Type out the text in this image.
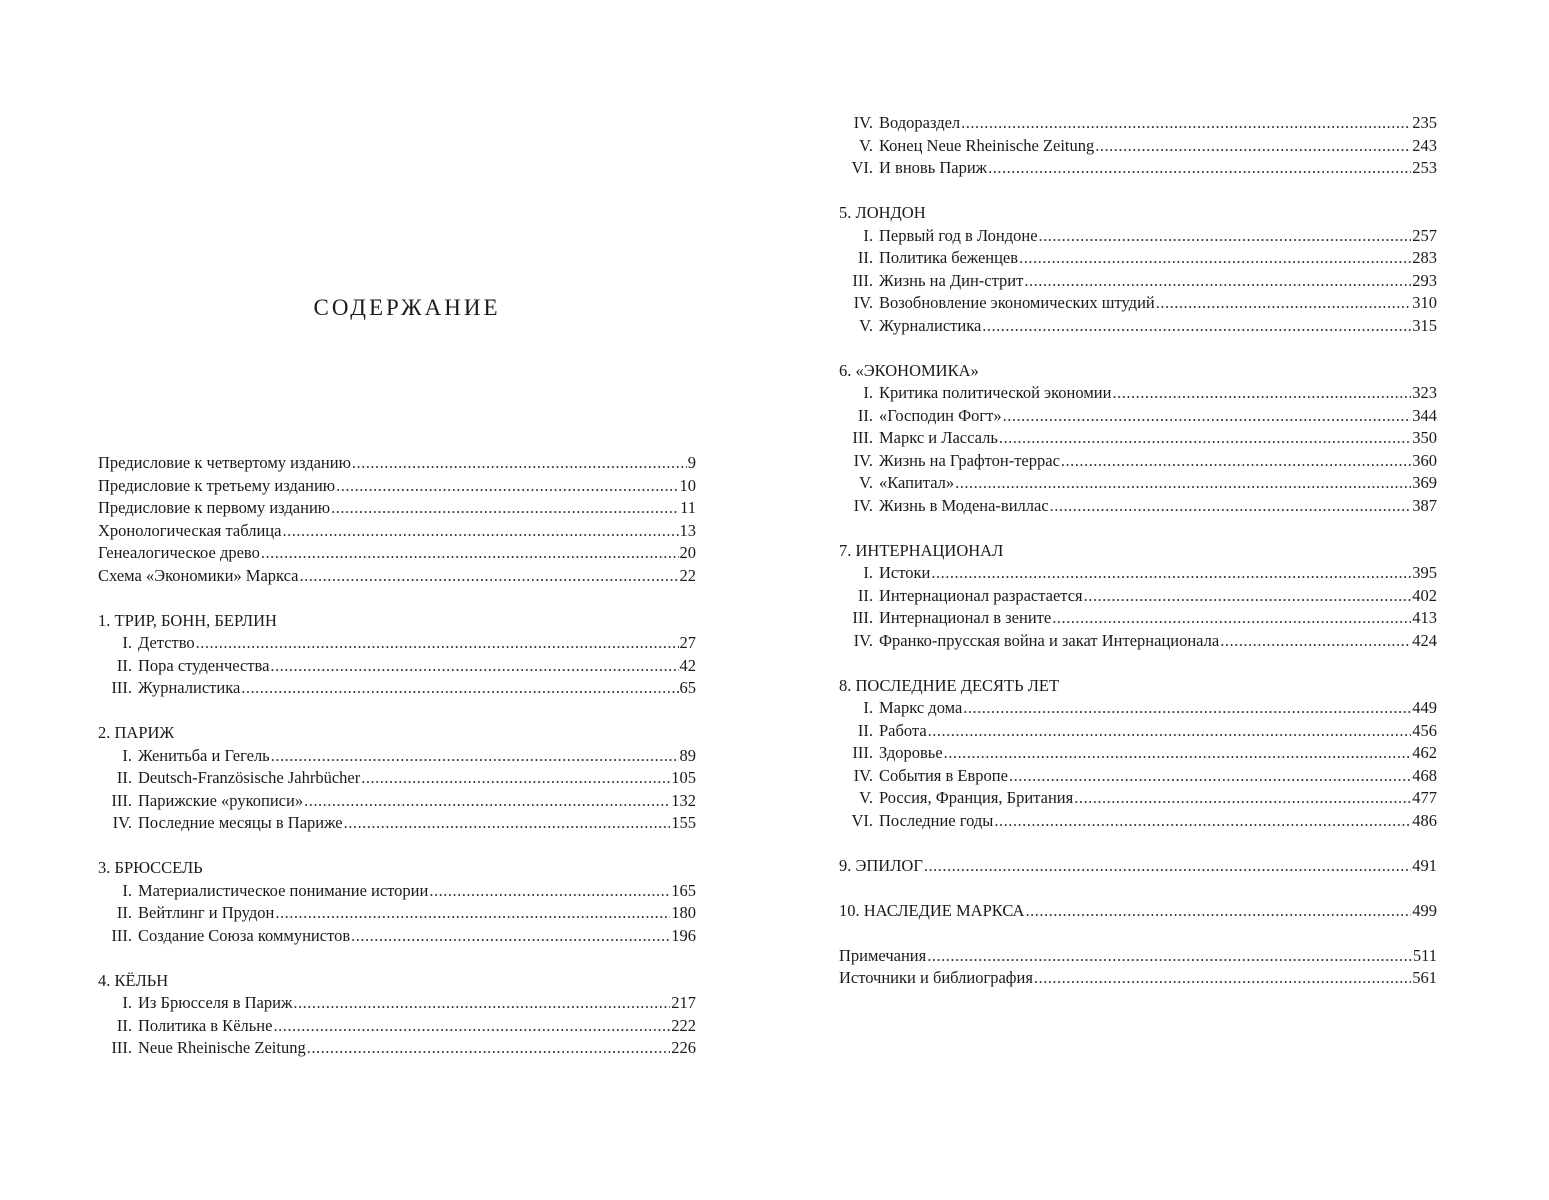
СОДЕРЖАНИЕ
Предисловие к четвертому изданию .....	9
Предисловие к третьему изданию .....	10
Предисловие к первому изданию .....	11
Хронологическая таблица .....	13
Генеалогическое древо .....	20
Схема «Экономики» Маркса .....	22
1. ТРИР, БОНН, БЕРЛИН
I. Детство .....	27
II. Пора студенчества .....	42
III. Журналистика .....	65
2. ПАРИЖ
I. Женитьба и Гегель .....	89
II. Deutsch-Französische Jahrbücher .....	105
III. Парижские «рукописи» .....	132
IV. Последние месяцы в Париже .....	155
3. БРЮССЕЛЬ
I. Материалистическое понимание истории .....	165
II. Вейтлинг и Прудон .....	180
III. Создание Союза коммунистов .....	196
4. КЁЛЬН
I. Из Брюсселя в Париж .....	217
II. Политика в Кёльне .....	222
III. Neue Rheinische Zeitung .....	226
IV. Водораздел .....	235
V. Конец Neue Rheinische Zeitung .....	243
VI. И вновь Париж .....	253
5. ЛОНДОН
I. Первый год в Лондоне .....	257
II. Политика беженцев .....	283
III. Жизнь на Дин-стрит .....	293
IV. Возобновление экономических штудий .....	310
V. Журналистика .....	315
6. «ЭКОНОМИКА»
I. Критика политической экономии .....	323
II. «Господин Фогт» .....	344
III. Маркс и Лассаль .....	350
IV. Жизнь на Графтон-террас .....	360
V. «Капитал» .....	369
IV. Жизнь в Модена-виллас .....	387
7. ИНТЕРНАЦИОНАЛ
I. Истоки .....	395
II. Интернационал разрастается .....	402
III. Интернационал в зените .....	413
IV. Франко-прусская война и закат Интернационала .....	424
8. ПОСЛЕДНИЕ ДЕСЯТЬ ЛЕТ
I. Маркс дома .....	449
II. Работа .....	456
III. Здоровье .....	462
IV. События в Европе .....	468
V. Россия, Франция, Британия .....	477
VI. Последние годы .....	486
9. ЭПИЛОГ .....	491
10. НАСЛЕДИЕ МАРКСА .....	499
Примечания .....	511
Источники и библиография .....	561
